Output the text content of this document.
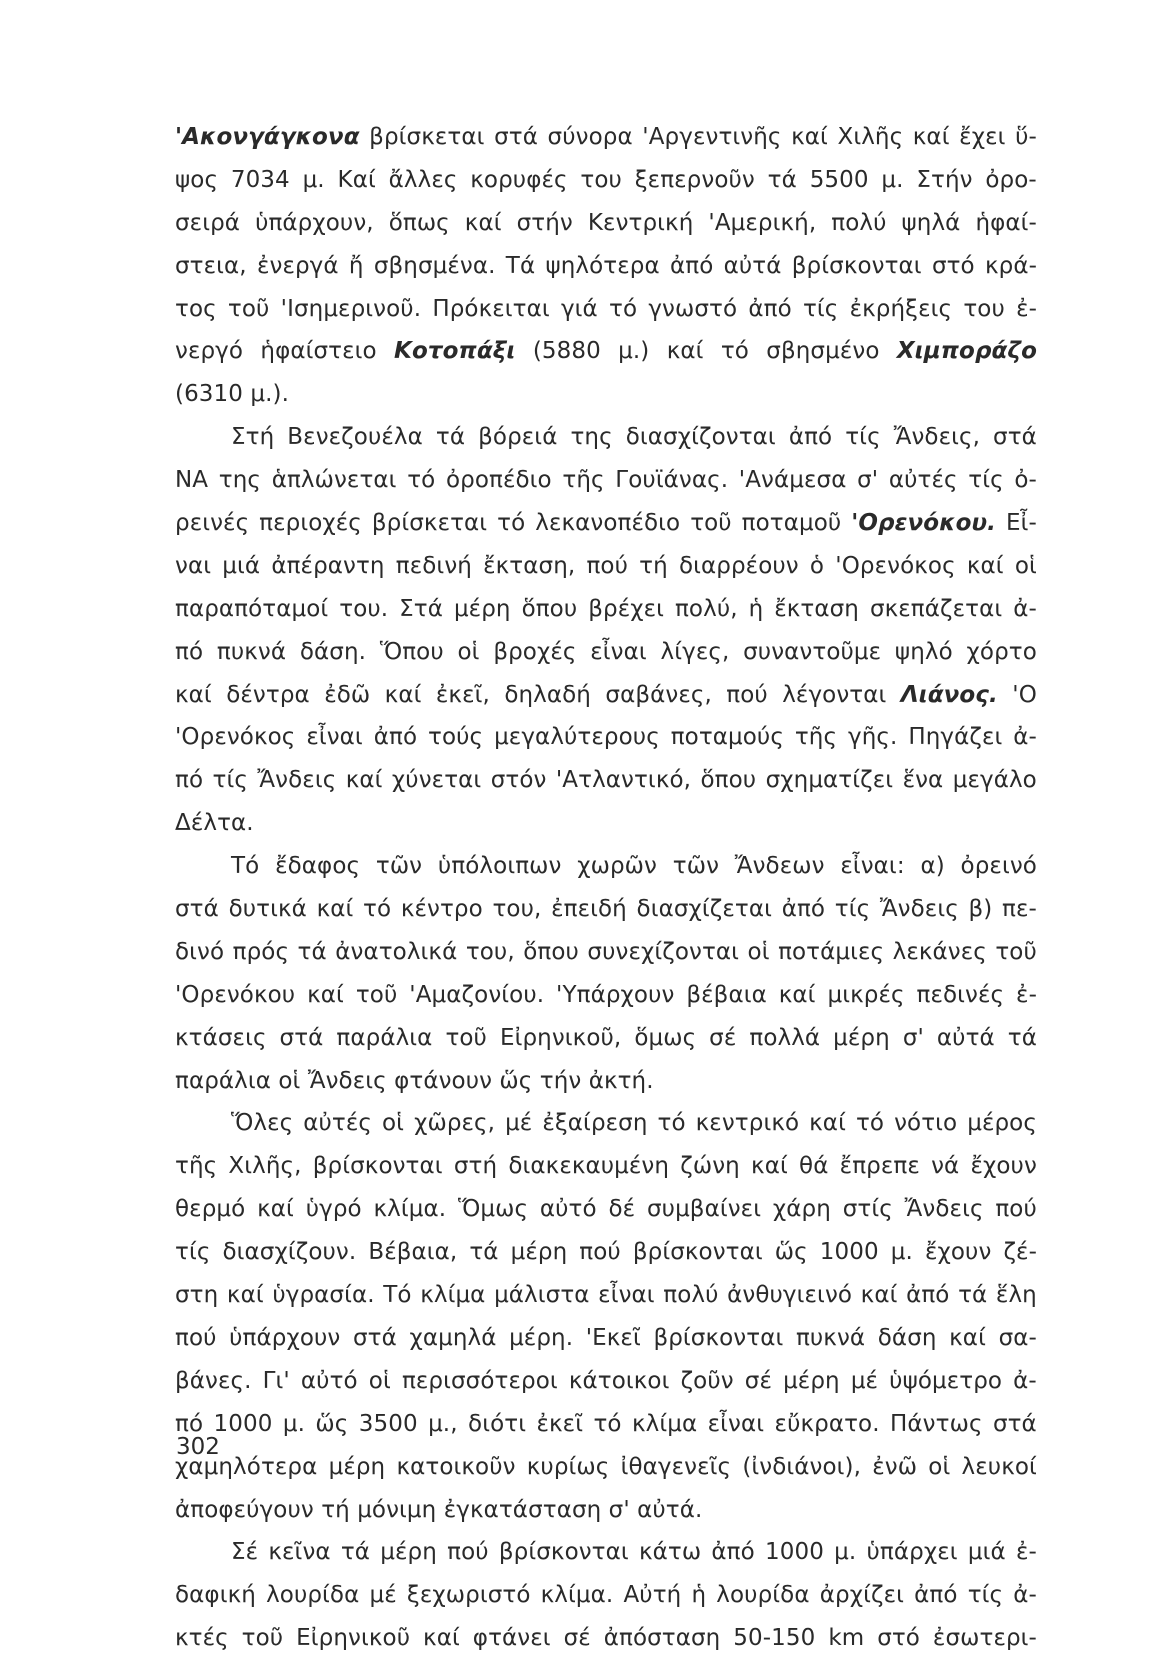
'Ακονγάγκονα βρίσκεται στά σύνορα 'Αργεντινῆς καί Χιλῆς καί ἔχει ὕ-
ψος 7034 μ. Καί ἄλλες κορυφές του ξεπερνοῦν τά 5500 μ. Στήν ὀρο-
σειρά ὑπάρχουν, ὅπως καί στήν Κεντρική 'Αμερική, πολύ ψηλά ἡφαί-
στεια, ἐνεργά ἤ σβησμένα. Τά ψηλότερα ἀπό αὐτά βρίσκονται στό κρά-
τος τοῦ 'Ισημερινοῦ. Πρόκειται γιά τό γνωστό ἀπό τίς ἐκρήξεις του ἐ-
νεργό ἡφαίστειο Κοτοπάξι (5880 μ.) καί τό σβησμένο Χιμποράζο
(6310 μ.).
Στή Βενεζουέλα τά βόρειά της διασχίζονται ἀπό τίς Ἄνδεις, στά
ΝΑ της ἁπλώνεται τό ὀροπέδιο τῆς Γουϊάνας. 'Ανάμεσα σ' αὐτές τίς ὀ-
ρεινές περιοχές βρίσκεται τό λεκανοπέδιο τοῦ ποταμοῦ 'Ορενόκου. Εἶ-
ναι μιά ἀπέραντη πεδινή ἔκταση, πού τή διαρρέουν ὁ 'Ορενόκος καί οἱ
παραπόταμοί του. Στά μέρη ὅπου βρέχει πολύ, ἡ ἔκταση σκεπάζεται ἀ-
πό πυκνά δάση. Ὅπου οἱ βροχές εἶναι λίγες, συναντοῦμε ψηλό χόρτο
καί δέντρα ἐδῶ καί ἐκεῖ, δηλαδή σαβάνες, πού λέγονται Λιάνος. 'Ο
'Ορενόκος εἶναι ἀπό τούς μεγαλύτερους ποταμούς τῆς γῆς. Πηγάζει ἀ-
πό τίς Ἄνδεις καί χύνεται στόν 'Ατλαντικό, ὅπου σχηματίζει ἕνα μεγάλο
Δέλτα.
Τό ἔδαφος τῶν ὑπόλοιπων χωρῶν τῶν Ἄνδεων εἶναι: α) ὀρεινό
στά δυτικά καί τό κέντρο του, ἐπειδή διασχίζεται ἀπό τίς Ἄνδεις β) πε-
δινό πρός τά ἀνατολικά του, ὅπου συνεχίζονται οἱ ποτάμιες λεκάνες τοῦ
'Ορενόκου καί τοῦ 'Αμαζονίου. 'Υπάρχουν βέβαια καί μικρές πεδινές ἐ-
κτάσεις στά παράλια τοῦ Εἰρηνικοῦ, ὅμως σέ πολλά μέρη σ' αὐτά τά
παράλια οἱ Ἄνδεις φτάνουν ὥς τήν ἀκτή.
Ὅλες αὐτές οἱ χῶρες, μέ ἐξαίρεση τό κεντρικό καί τό νότιο μέρος
τῆς Χιλῆς, βρίσκονται στή διακεκαυμένη ζώνη καί θά ἔπρεπε νά ἔχουν
θερμό καί ὑγρό κλίμα. Ὅμως αὐτό δέ συμβαίνει χάρη στίς Ἄνδεις πού
τίς διασχίζουν. Βέβαια, τά μέρη πού βρίσκονται ὥς 1000 μ. ἔχουν ζέ-
στη καί ὑγρασία. Τό κλίμα μάλιστα εἶναι πολύ ἀνθυγιεινό καί ἀπό τά ἕλη
πού ὑπάρχουν στά χαμηλά μέρη. 'Εκεῖ βρίσκονται πυκνά δάση καί σα-
βάνες. Γι' αὐτό οἱ περισσότεροι κάτοικοι ζοῦν σέ μέρη μέ ὑψόμετρο ἀ-
πό 1000 μ. ὥς 3500 μ., διότι ἐκεῖ τό κλίμα εἶναι εὔκρατο. Πάντως στά
χαμηλότερα μέρη κατοικοῦν κυρίως ἰθαγενεῖς (ἰνδιάνοι), ἐνῶ οἱ λευκοί
ἀποφεύγουν τή μόνιμη ἐγκατάσταση σ' αὐτά.
Σέ κεῖνα τά μέρη πού βρίσκονται κάτω ἀπό 1000 μ. ὑπάρχει μιά ἐ-
δαφική λουρίδα μέ ξεχωριστό κλίμα. Αὐτή ἡ λουρίδα ἀρχίζει ἀπό τίς ἀ-
κτές τοῦ Εἰρηνικοῦ καί φτάνει σέ ἀπόσταση 50-150 km στό ἐσωτερι-
302
